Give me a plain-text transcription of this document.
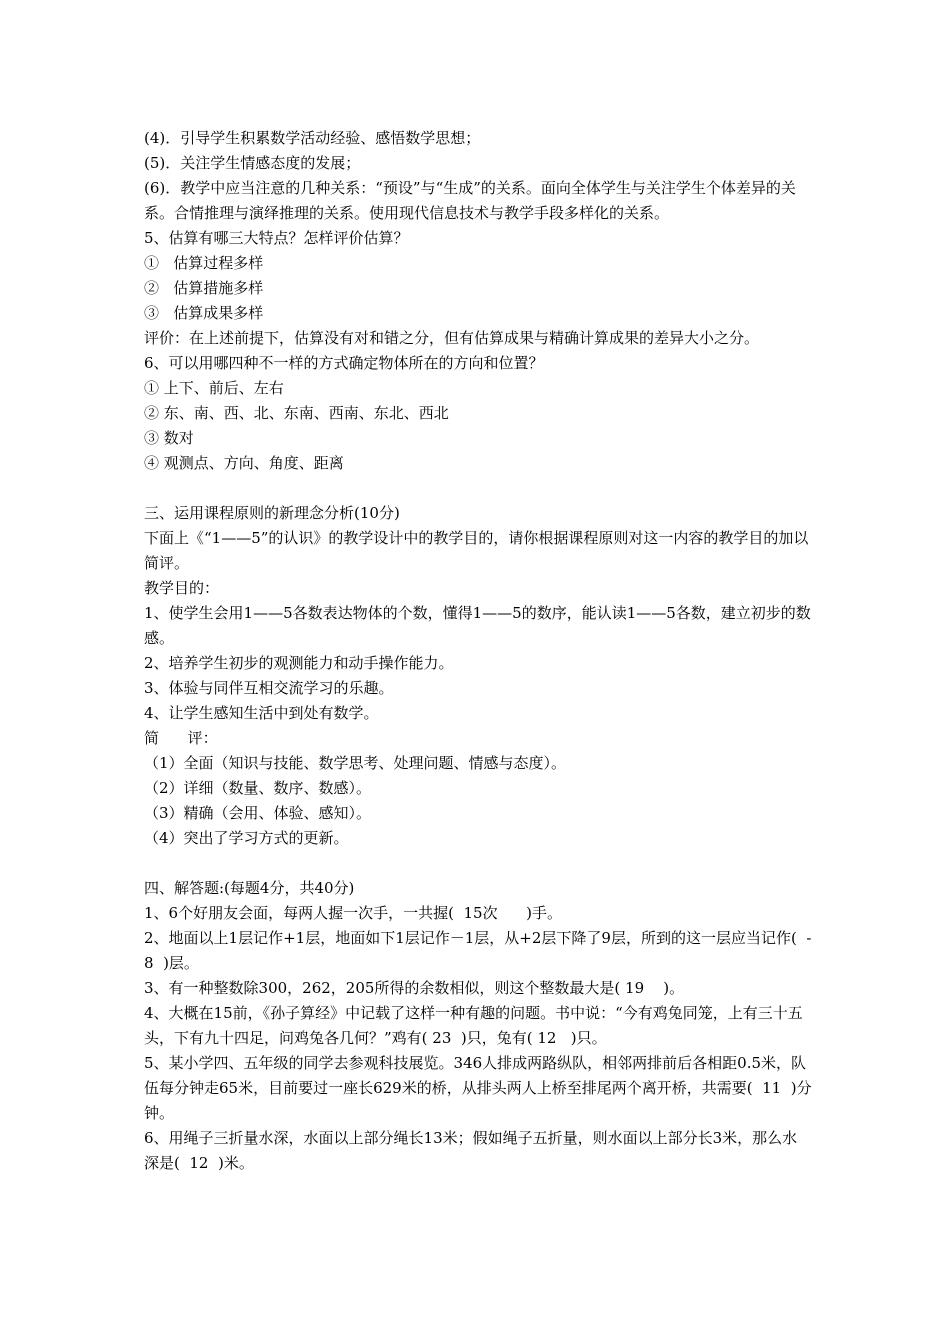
(4)．引导学生积累数学活动经验、感悟数学思想；

(5)．关注学生情感态度的发展；

(6)．教学中应当注意的几种关系：“预设”与“生成”的关系。面向全体学生与关注学生个体差异的关系。合情推理与演绎推理的关系。使用现代信息技术与教学手段多样化的关系。

5、估算有哪三大特点？怎样评价估算？

①   估算过程多样

②   估算措施多样

③   估算成果多样

评价：在上述前提下，估算没有对和错之分，但有估算成果与精确计算成果的差异大小之分。

6、可以用哪四种不一样的方式确定物体所在的方向和位置？

① 上下、前后、左右

② 东、南、西、北、东南、西南、东北、西北

③ 数对

④ 观测点、方向、角度、距离

三、运用课程原则的新理念分析(10分)

下面上《“1——5”的认识》的教学设计中的教学目的，请你根据课程原则对这一内容的教学目的加以简评。

教学目的：

1、使学生会用1——5各数表达物体的个数，懂得1——5的数序，能认读1——5各数，建立初步的数感。

2、培养学生初步的观测能力和动手操作能力。

3、体验与同伴互相交流学习的乐趣。

4、让学生感知生活中到处有数学。

简      评：

（1）全面（知识与技能、数学思考、处理问题、情感与态度）。

（2）详细（数量、数序、数感）。

（3）精确（会用、体验、感知）。

（4）突出了学习方式的更新。

四、解答题:(每题4分，共40分)

1、6个好朋友会面，每两人握一次手，一共握(  15次      )手。

2、地面以上1层记作+1层，地面如下1层记作－1层，从+2层下降了9层，所到的这一层应当记作(  -8  )层。

3、有一种整数除300，262，205所得的余数相似，则这个整数最大是( 19    )。

4、大概在15前，《孙子算经》中记载了这样一种有趣的问题。书中说：“今有鸡兔同笼，上有三十五头，下有九十四足，问鸡兔各几何？”鸡有( 23  )只，兔有( 12   )只。

5、某小学四、五年级的同学去参观科技展览。346人排成两路纵队，相邻两排前后各相距0.5米，队伍每分钟走65米，目前要过一座长629米的桥，从排头两人上桥至排尾两个离开桥，共需要(  11  )分钟。

6、用绳子三折量水深，水面以上部分绳长13米；假如绳子五折量，则水面以上部分长3米，那么水深是(  12  )米。
